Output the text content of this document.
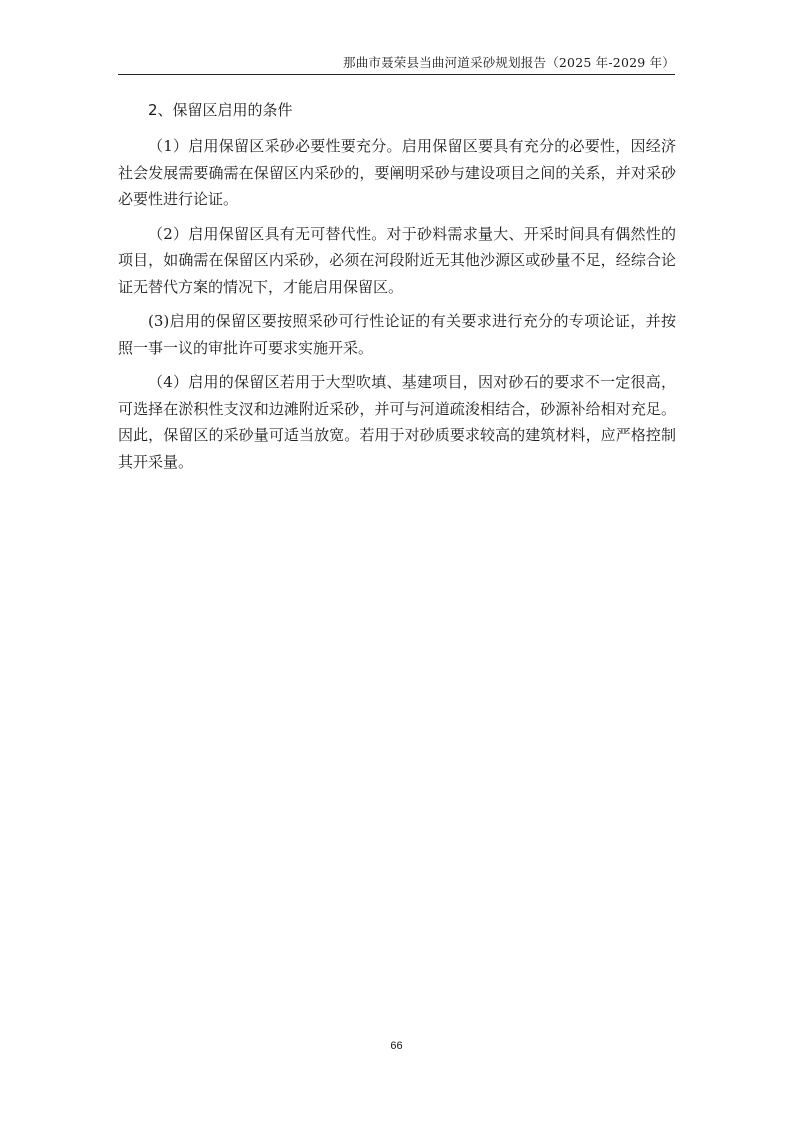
那曲市聂荣县当曲河道采砂规划报告（2025 年-2029 年）
2、保留区启用的条件

（1）启用保留区采砂必要性要充分。启用保留区要具有充分的必要性，因经济社会发展需要确需在保留区内采砂的，要阐明采砂与建设项目之间的关系，并对采砂必要性进行论证。

（2）启用保留区具有无可替代性。对于砂料需求量大、开采时间具有偶然性的项目，如确需在保留区内采砂，必须在河段附近无其他沙源区或砂量不足，经综合论证无替代方案的情况下，才能启用保留区。

(3)启用的保留区要按照采砂可行性论证的有关要求进行充分的专项论证，并按照一事一议的审批许可要求实施开采。

（4）启用的保留区若用于大型吹填、基建项目，因对砂石的要求不一定很高，可选择在淤积性支汊和边滩附近采砂，并可与河道疏浚相结合，砂源补给相对充足。因此，保留区的采砂量可适当放宽。若用于对砂质要求较高的建筑材料，应严格控制其开采量。

66
